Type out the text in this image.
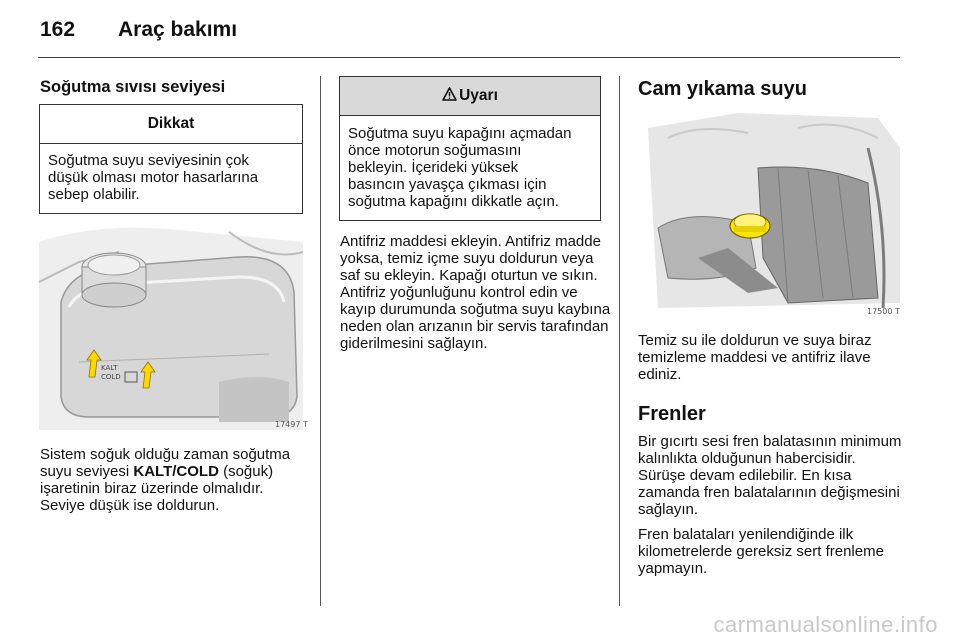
162 Araç bakımı
Soğutma sıvısı seviyesi
Dikkat
Soğutma suyu seviyesinin çok
düşük olması motor hasarlarına
sebep olabilir.
KALT
COLD
17497 T
Sistem soğuk olduğu zaman soğutma suyu seviyesi KALT/COLD (soğuk) işaretinin biraz üzerinde olmalıdır. Seviye düşük ise doldurun.
Uyarı
Soğutma suyu kapağını açmadan
önce motorun soğumasını
bekleyin. İçerideki yüksek
basıncın yavaşça çıkması için
soğutma kapağını dikkatle açın.
Antifriz maddesi ekleyin. Antifriz madde yoksa, temiz içme suyu doldurun veya saf su ekleyin. Kapağı oturtun ve sıkın. Antifriz yoğunluğunu kontrol edin ve kayıp durumunda soğutma suyu kaybına neden olan arızanın bir servis tarafından giderilmesini sağlayın.
Cam yıkama suyu
17500 T
Temiz su ile doldurun ve suya biraz temizleme maddesi ve antifriz ilave ediniz.
Frenler
Bir gıcırtı sesi fren balatasının minimum kalınlıkta olduğunun habercisidir. Sürüşe devam edilebilir. En kısa zamanda fren balatalarının değişmesini sağlayın.
Fren balataları yenilendiğinde ilk kilometrelerde gereksiz sert frenleme yapmayın.
carmanualsonline.info
